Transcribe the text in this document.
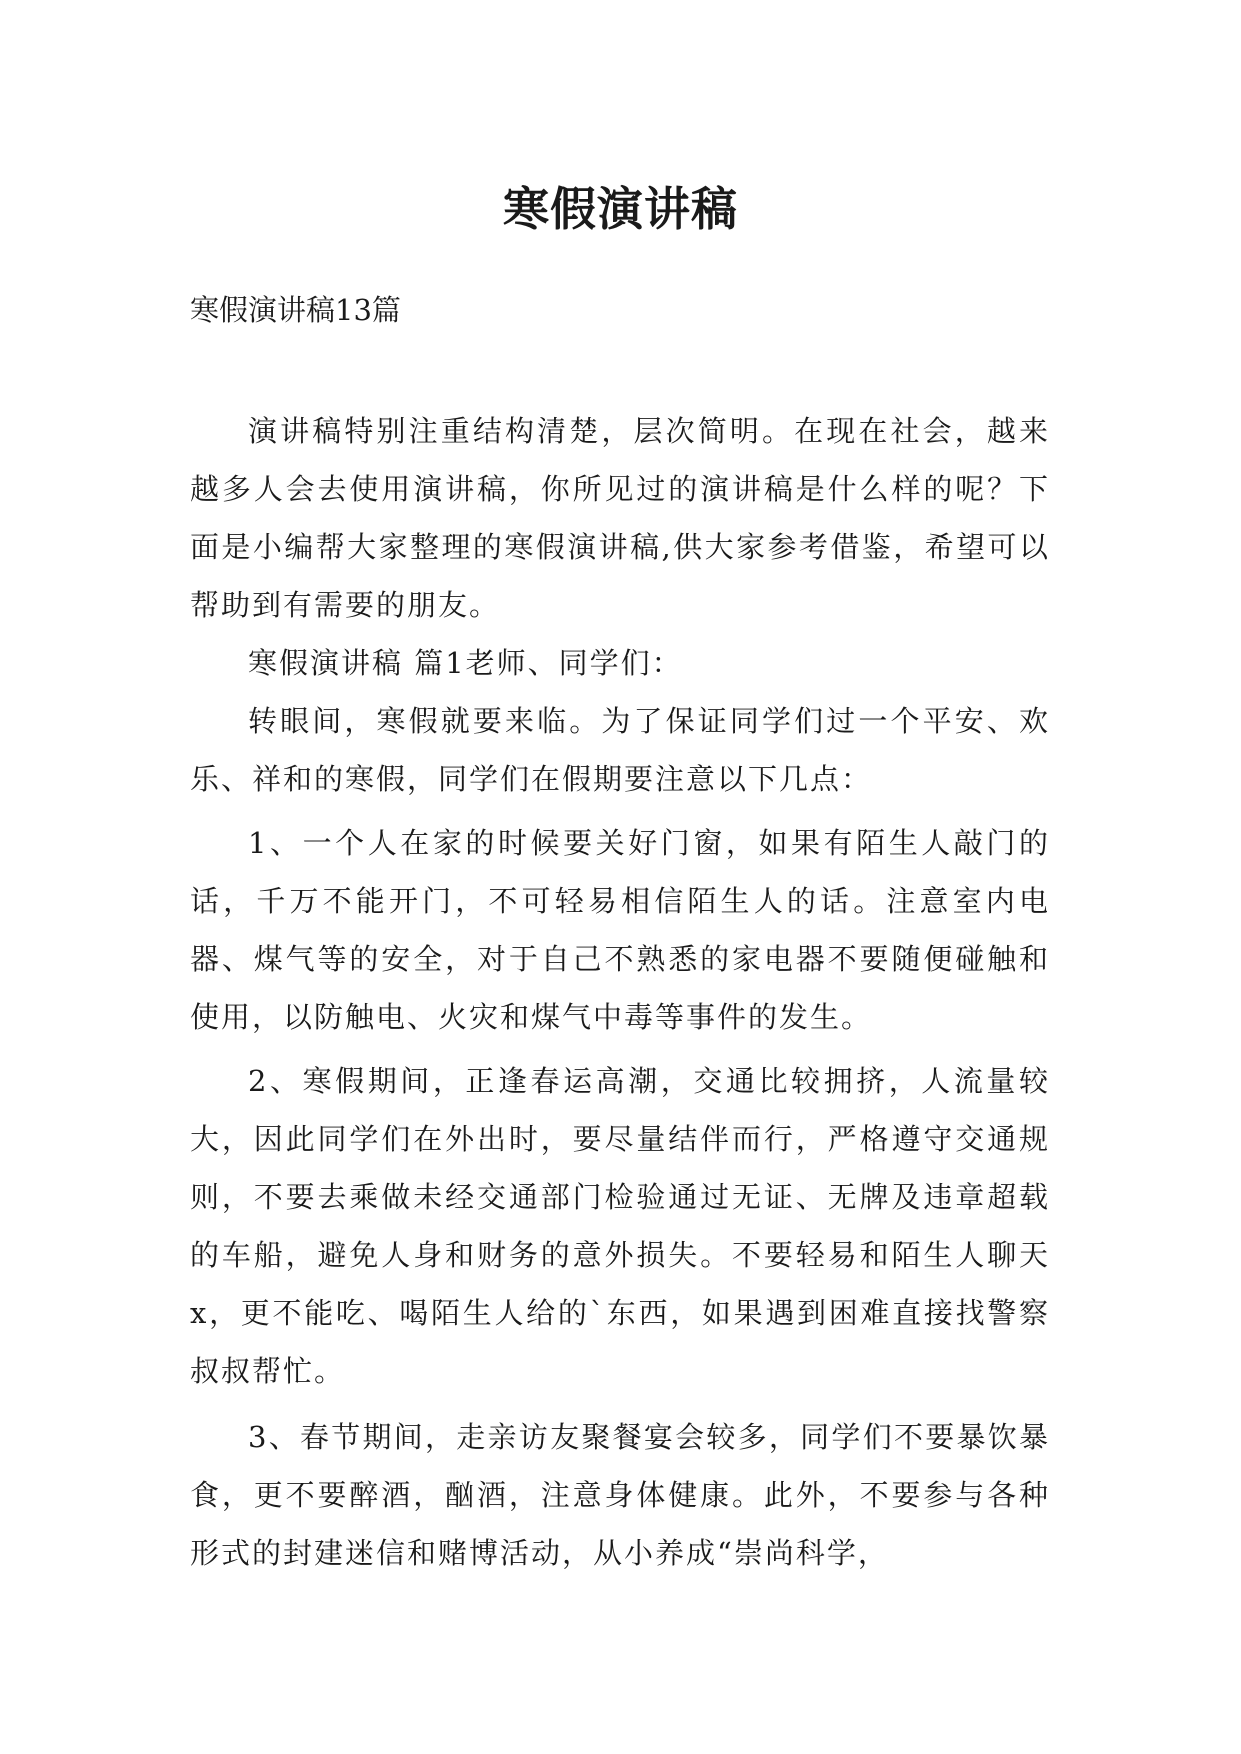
寒假演讲稿
寒假演讲稿13篇

演讲稿特别注重结构清楚，层次简明。在现在社会，越来越多人会去使用演讲稿，你所见过的演讲稿是什么样的呢？下面是小编帮大家整理的寒假演讲稿,供大家参考借鉴，希望可以帮助到有需要的朋友。

寒假演讲稿 篇1老师、同学们：

转眼间，寒假就要来临。为了保证同学们过一个平安、欢乐、祥和的寒假，同学们在假期要注意以下几点：

1、一个人在家的时候要关好门窗，如果有陌生人敲门的话，千万不能开门，不可轻易相信陌生人的话。注意室内电器、煤气等的安全，对于自己不熟悉的家电器不要随便碰触和使用，以防触电、火灾和煤气中毒等事件的发生。

2、寒假期间，正逢春运高潮，交通比较拥挤，人流量较大，因此同学们在外出时，要尽量结伴而行，严格遵守交通规则，不要去乘做未经交通部门检验通过无证、无牌及违章超载的车船，避免人身和财务的意外损失。不要轻易和陌生人聊天x，更不能吃、喝陌生人给的`东西，如果遇到困难直接找警察叔叔帮忙。

3、春节期间，走亲访友聚餐宴会较多，同学们不要暴饮暴食，更不要醉酒，酗酒，注意身体健康。此外，不要参与各种形式的封建迷信和赌博活动，从小养成“崇尚科学，
